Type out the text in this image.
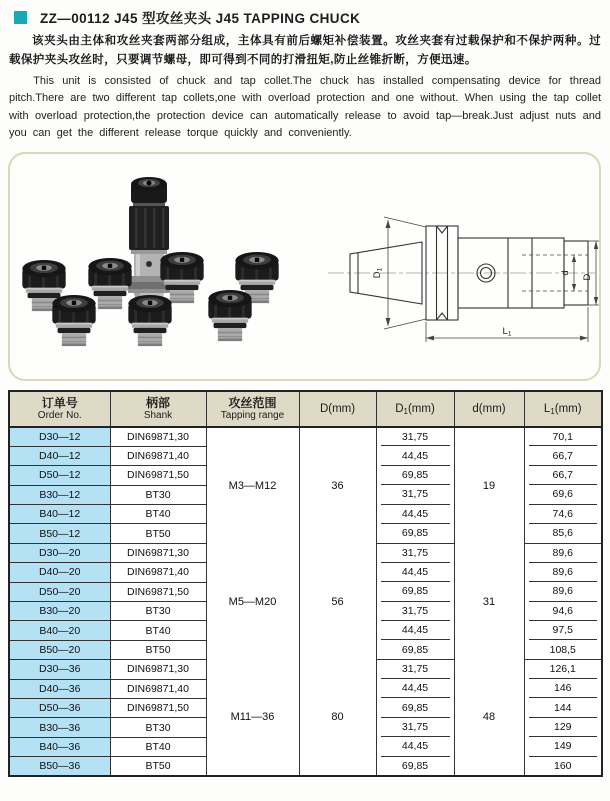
ZZ—00112 J45 型攻丝夹头 J45 TAPPING CHUCK

该夹头由主体和攻丝夹套两部分组成，主体具有前后螺矩补偿装置。攻丝夹套有过载保护和不保护两种。过载保护夹头攻丝时，只要调节螺母，即可得到不同的打滑扭矩,防止丝锥折断，方便迅速。

This unit is consisted of chuck and tap collet.The chuck has installed compensating device for thread pitch.There are two different tap collets,one with overload protection and one without. When using the tap collet with overload protection,the protection device can automatically release to avoid tap—break.Just adjust nuts and you can get the different release torque quickly and conveniently.

D1
d
D
L1
订单号
Order No.

柄部
Shank

攻丝范围
Tapping range

D(mm)	$D_1(mm)$	d(mm)	$L_1(mm)$

D30—12	DIN69871,30	M3—M12	36	31,75	19	70,1

D40—12	DIN69871,40			44,45		66,7

D50—12	DIN69871,50			69,85		66,7

B30—12	BT30			31,75		69,6

B40—12	BT40			44,45		74,6

B50—12	BT50			69,85		85,6

D30—20	DIN69871,30	M5—M20	56	31,75	31	89,6

D40—20	DIN69871,40			44,45		89,6

D50—20	DIN69871,50			69,85		89,6

B30—20	BT30			31,75		94,6

B40—20	BT40			44,45		97,5

B50—20	BT50			69,85		108,5

D30—36	DIN69871,30	M11—36	80	31,75	48	126,1

D40—36	DIN69871,40			44,45		146

D50—36	DIN69871,50			69,85		144

B30—36	BT30			31,75		129

B40—36	BT40			44,45		149

B50—36	BT50			69,85		160
